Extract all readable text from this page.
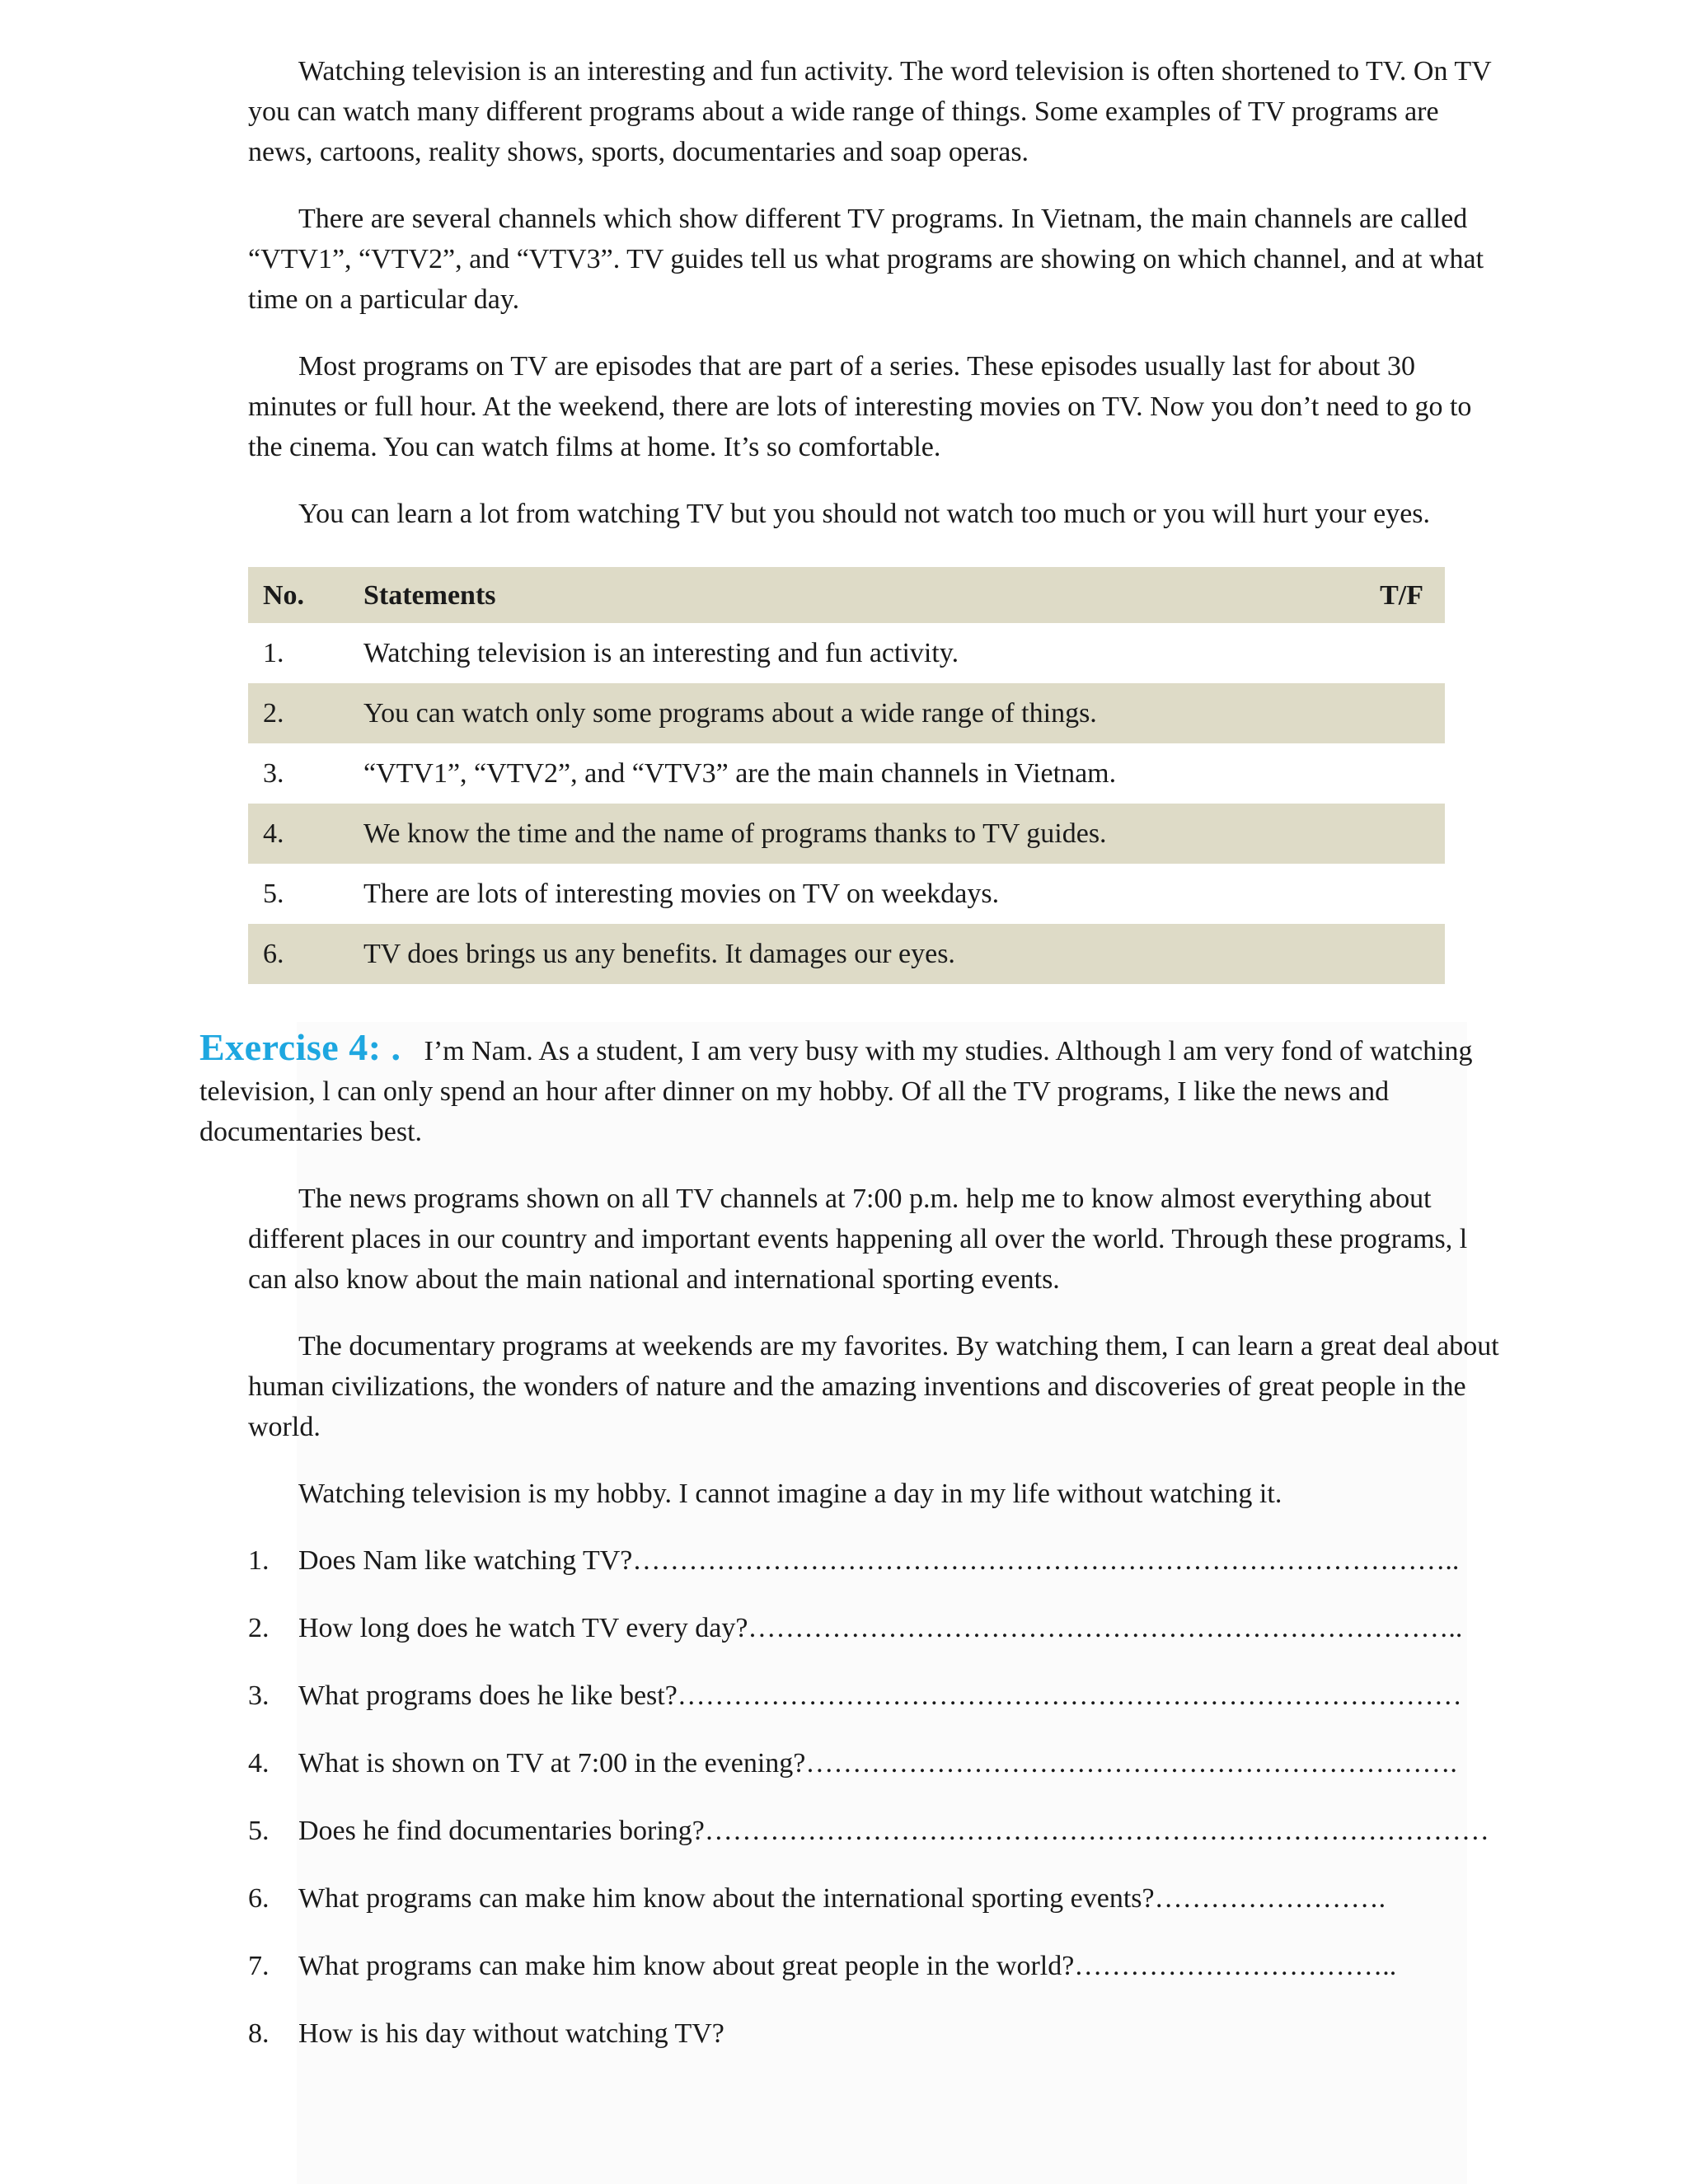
Watching television is an interesting and fun activity. The word television is often shortened to TV. On TV you can watch many different programs about a wide range of things. Some examples of TV programs are news, cartoons, reality shows, sports, documentaries and soap operas.

There are several channels which show different TV programs. In Vietnam, the main channels are called “VTV1”, “VTV2”, and “VTV3”. TV guides tell us what programs are showing on which channel, and at what time on a particular day.

Most programs on TV are episodes that are part of a series. These episodes usually last for about 30 minutes or full hour. At the weekend, there are lots of interesting movies on TV. Now you don’t need to go to the cinema. You can watch films at home. It’s so comfortable.

You can learn a lot from watching TV but you should not watch too much or you will hurt your eyes.

No.	Statements	T/F
1.	Watching television is an interesting and fun activity.	
2.	You can watch only some programs about a wide range of things.	
3.	“VTV1”, “VTV2”, and “VTV3” are the main channels in Vietnam.	
4.	We know the time and the name of programs thanks to TV guides.	
5.	There are lots of interesting movies on TV on weekdays.	
6.	TV does brings us any benefits. It damages our eyes.	

Exercise 4: . I’m Nam. As a student, I am very busy with my studies. Although l am very fond of watching television, l can only spend an hour after dinner on my hobby. Of all the TV programs, I like the news and documentaries best.

The news programs shown on all TV channels at 7:00 p.m. help me to know almost everything about different places in our country and important events happening all over the world. Through these programs, l can also know about the main national and international sporting events.

The documentary programs at weekends are my favorites. By watching them, I can learn a great deal about human civilizations, the wonders of nature and the amazing inventions and discoveries of great people in the world.

Watching television is my hobby. I cannot imagine a day in my life without watching it.

1.	Does Nam like watching TV?……………………………………………………………………………..
2.	How long does he watch TV every day?…………………………………………………………………..
3.	What programs does he like best?…………………………………………………………………………
4.	What is shown on TV at 7:00 in the evening?…………………………………………………………….
5.	Does he find documentaries boring?…………………………………………………………………………
6.	What programs can make him know about the international sporting events?…………………….
7.	What programs can make him know about great people in the world?……………………………..
8.	How is his day without watching TV?
